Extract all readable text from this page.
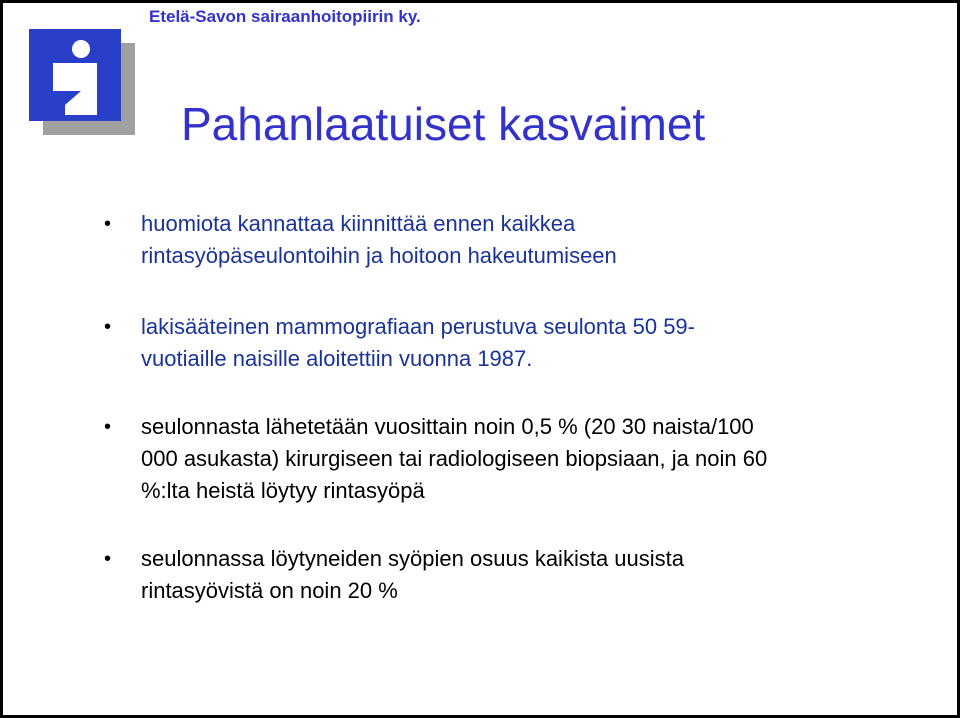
Etelä-Savon sairaanhoitopiirin ky.
Pahanlaatuiset kasvaimet
• huomiota kannattaa kiinnittää ennen kaikkea
rintasyöpäseulontoihin ja hoitoon hakeutumiseen
• lakisääteinen mammografiaan perustuva seulonta 50 59-
vuotiaille naisille aloitettiin vuonna 1987.
• seulonnasta lähetetään vuosittain noin 0,5 % (20 30 naista/100
000 asukasta) kirurgiseen tai radiologiseen biopsiaan, ja noin 60
%:lta heistä löytyy rintasyöpä
• seulonnassa löytyneiden syöpien osuus kaikista uusista
rintasyövistä on noin 20 %
